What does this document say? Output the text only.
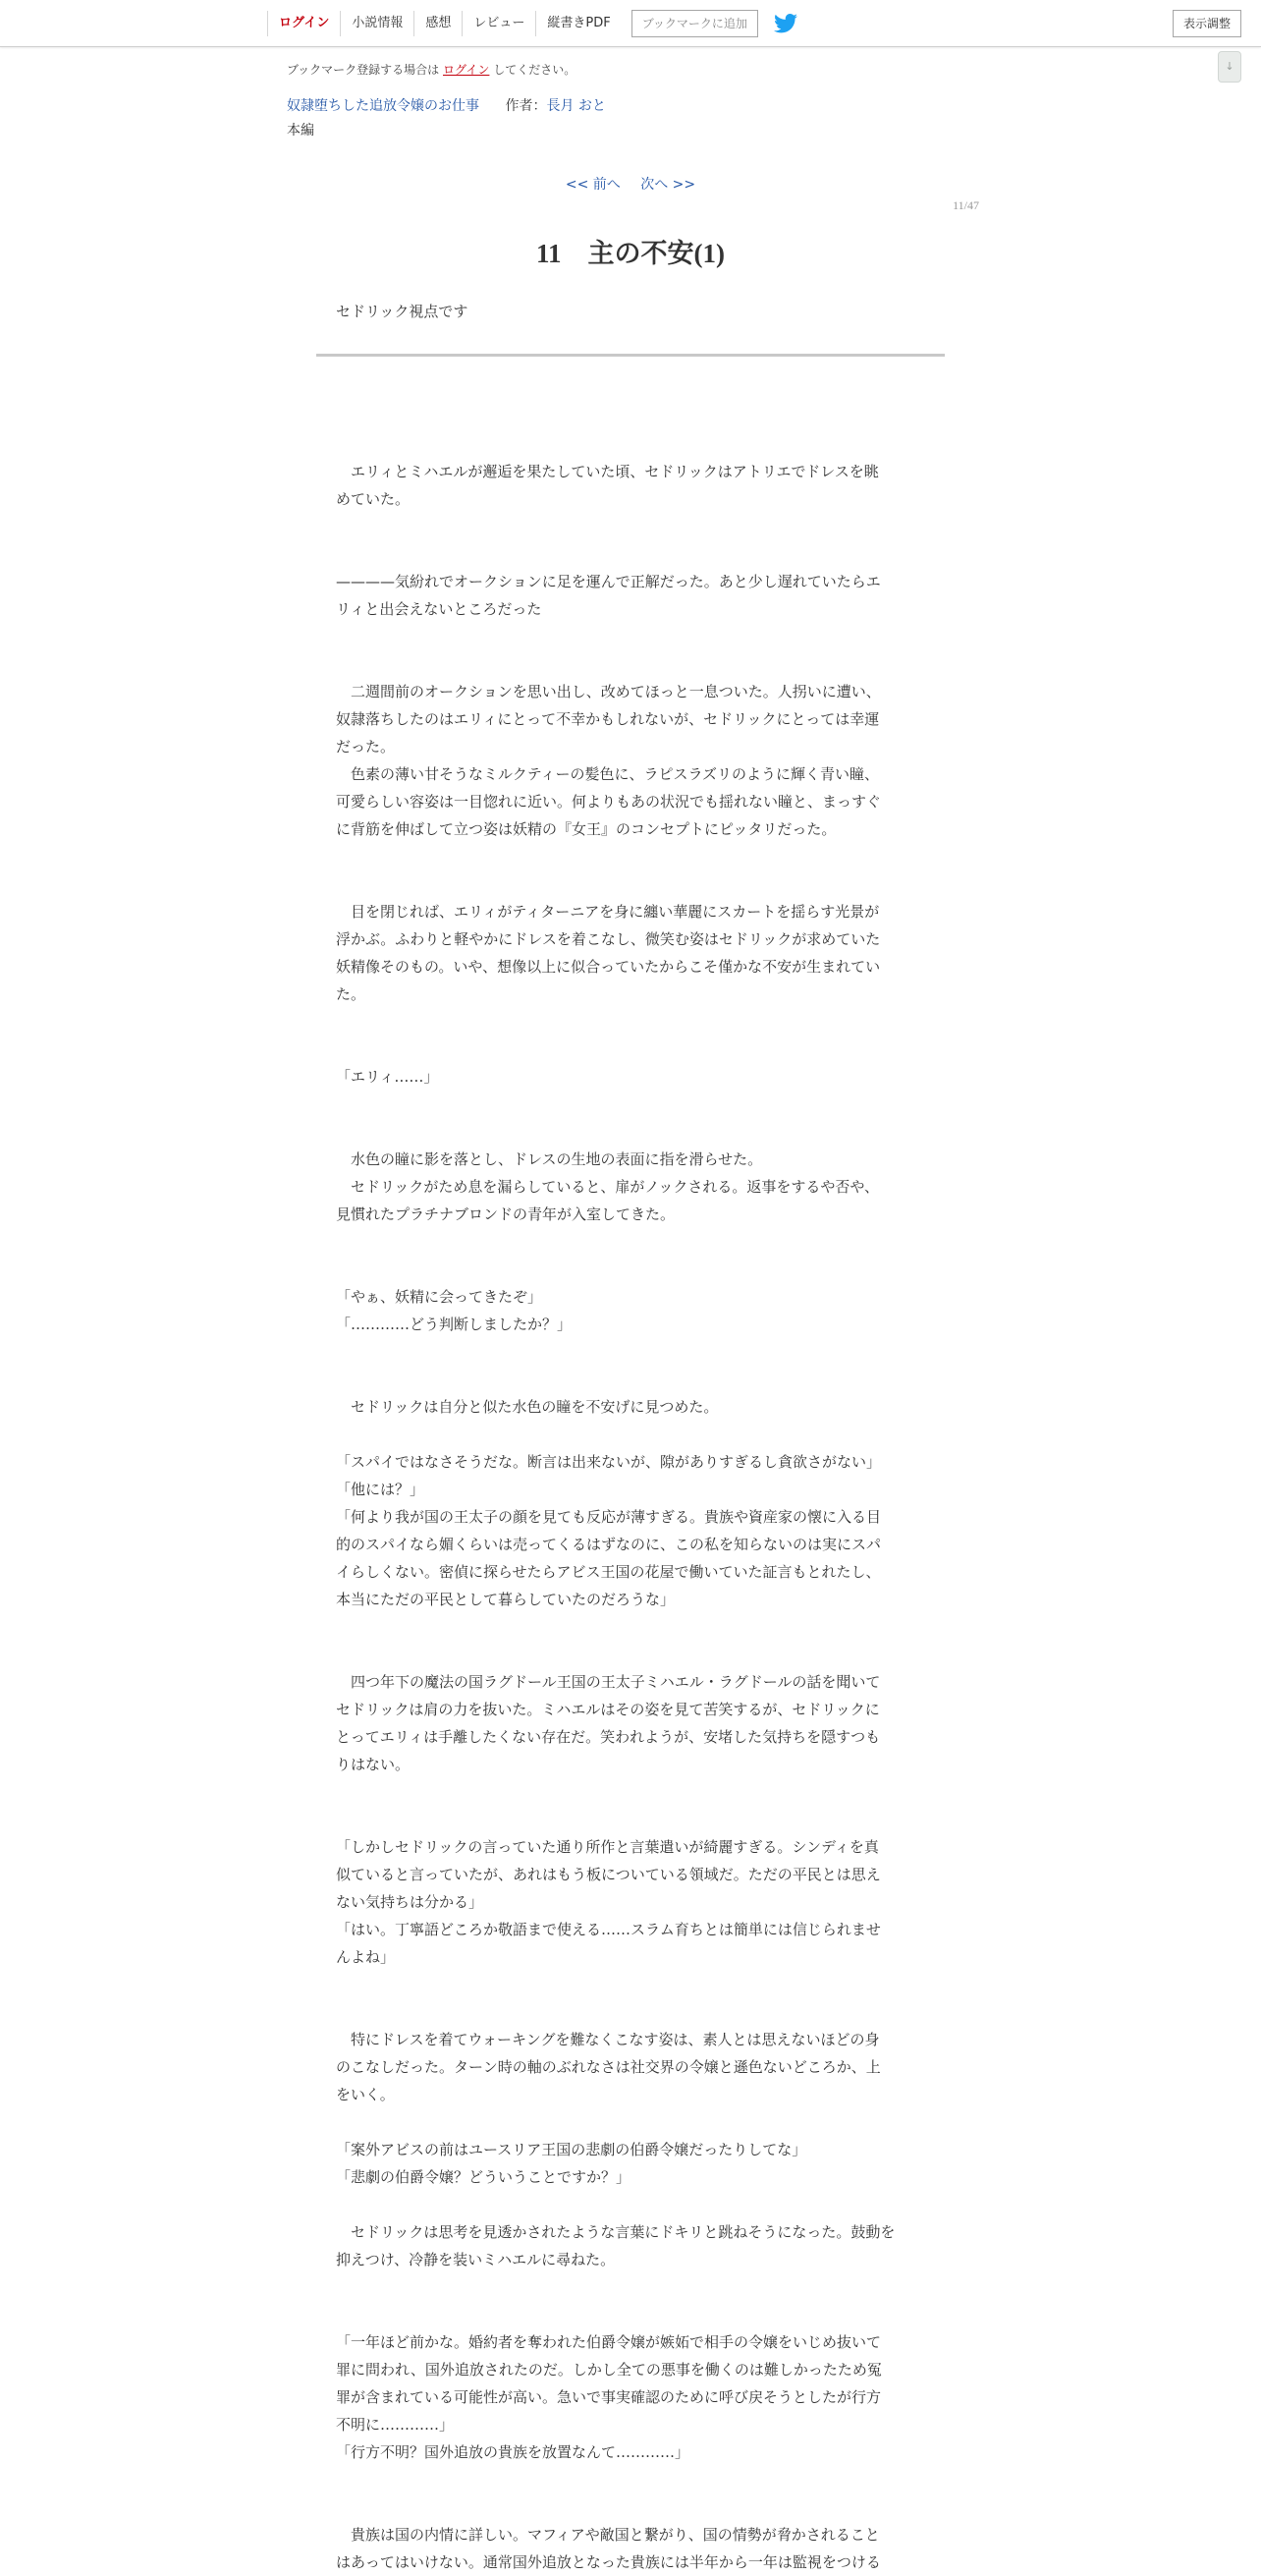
ログイン	小説情報	感想	レビュー	縦書きPDF	ブックマークに追加	表示調整
↓
ブックマーク登録する場合は ログイン してください。
奴隷堕ちした追放令嬢のお仕事 作者：長月 おと
本編
<< 前へ 次へ >>
11/47
11　主の不安(1)
セドリック視点です
　エリィとミハエルが邂逅を果たしていた頃、セドリックはアトリエでドレスを眺
めていた。
————気紛れでオークションに足を運んで正解だった。あと少し遅れていたらエ
リィと出会えないところだった
　二週間前のオークションを思い出し、改めてほっと一息ついた。人拐いに遭い、
奴隷落ちしたのはエリィにとって不幸かもしれないが、セドリックにとっては幸運
だった。
　色素の薄い甘そうなミルクティーの髪色に、ラピスラズリのように輝く青い瞳、
可愛らしい容姿は一目惚れに近い。何よりもあの状況でも揺れない瞳と、まっすぐ
に背筋を伸ばして立つ姿は妖精の『女王』のコンセプトにピッタリだった。
　目を閉じれば、エリィがティターニアを身に纏い華麗にスカートを揺らす光景が
浮かぶ。ふわりと軽やかにドレスを着こなし、微笑む姿はセドリックが求めていた
妖精像そのもの。いや、想像以上に似合っていたからこそ僅かな不安が生まれてい
た。
「エリィ……」
　水色の瞳に影を落とし、ドレスの生地の表面に指を滑らせた。
　セドリックがため息を漏らしていると、扉がノックされる。返事をするや否や、
見慣れたプラチナブロンドの青年が入室してきた。
「やぁ、妖精に会ってきたぞ」
「…………どう判断しましたか？」
　セドリックは自分と似た水色の瞳を不安げに見つめた。
「スパイではなさそうだな。断言は出来ないが、隙がありすぎるし貪欲さがない」
「他には？」
「何より我が国の王太子の顔を見ても反応が薄すぎる。貴族や資産家の懐に入る目
的のスパイなら媚くらいは売ってくるはずなのに、この私を知らないのは実にスパ
イらしくない。密偵に探らせたらアビス王国の花屋で働いていた証言もとれたし、
本当にただの平民として暮らしていたのだろうな」
　四つ年下の魔法の国ラグドール王国の王太子ミハエル・ラグドールの話を聞いて
セドリックは肩の力を抜いた。ミハエルはその姿を見て苦笑するが、セドリックに
とってエリィは手離したくない存在だ。笑われようが、安堵した気持ちを隠すつも
りはない。
「しかしセドリックの言っていた通り所作と言葉遣いが綺麗すぎる。シンディを真
似ていると言っていたが、あれはもう板についている領域だ。ただの平民とは思え
ない気持ちは分かる」
「はい。丁寧語どころか敬語まで使える……スラム育ちとは簡単には信じられませ
んよね」
　特にドレスを着てウォーキングを難なくこなす姿は、素人とは思えないほどの身
のこなしだった。ターン時の軸のぶれなさは社交界の令嬢と遜色ないどころか、上
をいく。
「案外アビスの前はユースリア王国の悲劇の伯爵令嬢だったりしてな」
「悲劇の伯爵令嬢？どういうことですか？」
　セドリックは思考を見透かされたような言葉にドキリと跳ねそうになった。鼓動を
抑えつけ、冷静を装いミハエルに尋ねた。
「一年ほど前かな。婚約者を奪われた伯爵令嬢が嫉妬で相手の令嬢をいじめ抜いて
罪に問われ、国外追放されたのだ。しかし全ての悪事を働くのは難しかったため冤
罪が含まれている可能性が高い。急いで事実確認のために呼び戻そうとしたが行方
不明に…………」
「行方不明？国外追放の貴族を放置なんて…………」
　貴族は国の内情に詳しい。マフィアや敵国と繋がり、国の情勢が脅かされること
はあってはいけない。通常国外追放となった貴族には半年から一年は監視をつける
